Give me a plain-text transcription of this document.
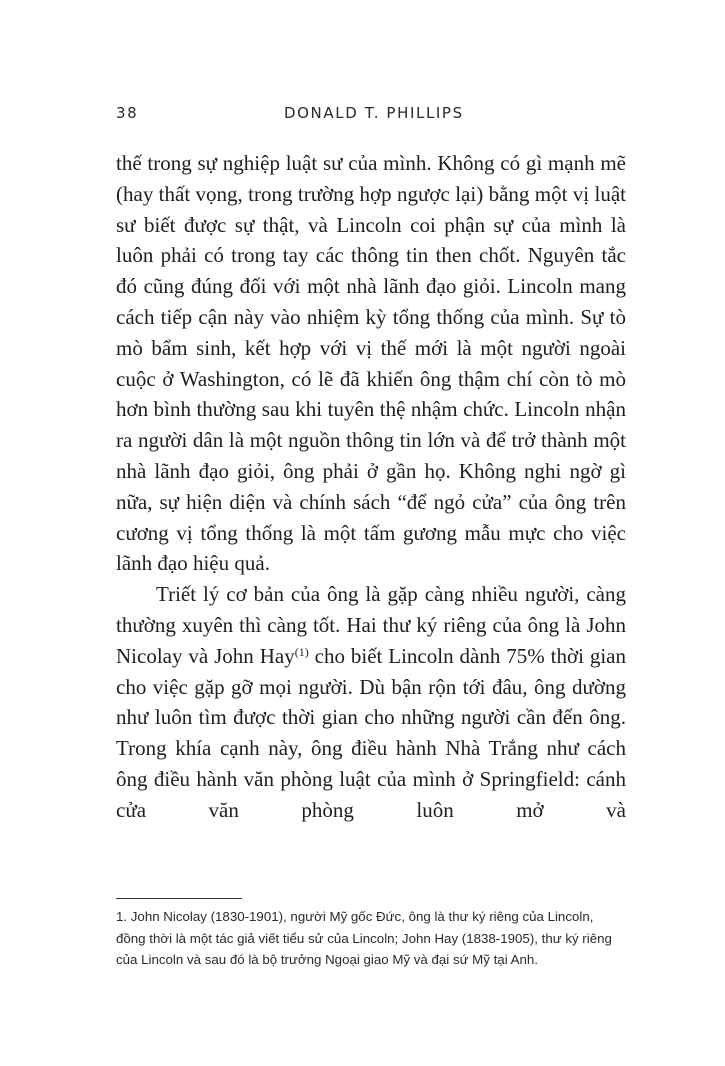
38	DONALD T. PHILLIPS

thế trong sự nghiệp luật sư của mình. Không có gì mạnh mẽ (hay thất vọng, trong trường hợp ngược lại) bằng một vị luật sư biết được sự thật, và Lincoln coi phận sự của mình là luôn phải có trong tay các thông tin then chốt. Nguyên tắc đó cũng đúng đối với một nhà lãnh đạo giỏi. Lincoln mang cách tiếp cận này vào nhiệm kỳ tổng thống của mình. Sự tò mò bẩm sinh, kết hợp với vị thế mới là một người ngoài cuộc ở Washington, có lẽ đã khiến ông thậm chí còn tò mò hơn bình thường sau khi tuyên thệ nhậm chức. Lincoln nhận ra người dân là một nguồn thông tin lớn và để trở thành một nhà lãnh đạo giỏi, ông phải ở gần họ. Không nghi ngờ gì nữa, sự hiện diện và chính sách “để ngỏ cửa” của ông trên cương vị tổng thống là một tấm gương mẫu mực cho việc lãnh đạo hiệu quả.

Triết lý cơ bản của ông là gặp càng nhiều người, càng thường xuyên thì càng tốt. Hai thư ký riêng của ông là John Nicolay và John Hay$^{(1)}$ cho biết Lincoln dành 75% thời gian cho việc gặp gỡ mọi người. Dù bận rộn tới đâu, ông dường như luôn tìm được thời gian cho những người cần đến ông. Trong khía cạnh này, ông điều hành Nhà Trắng như cách ông điều hành văn phòng luật của mình ở Springfield: cánh cửa văn phòng luôn mở và

1. John Nicolay (1830-1901), người Mỹ gốc Đức, ông là thư ký riêng của Lincoln, đồng thời là một tác giả viết tiểu sử của Lincoln; John Hay (1838-1905), thư ký riêng của Lincoln và sau đó là bộ trưởng Ngoại giao Mỹ và đại sứ Mỹ tại Anh.
